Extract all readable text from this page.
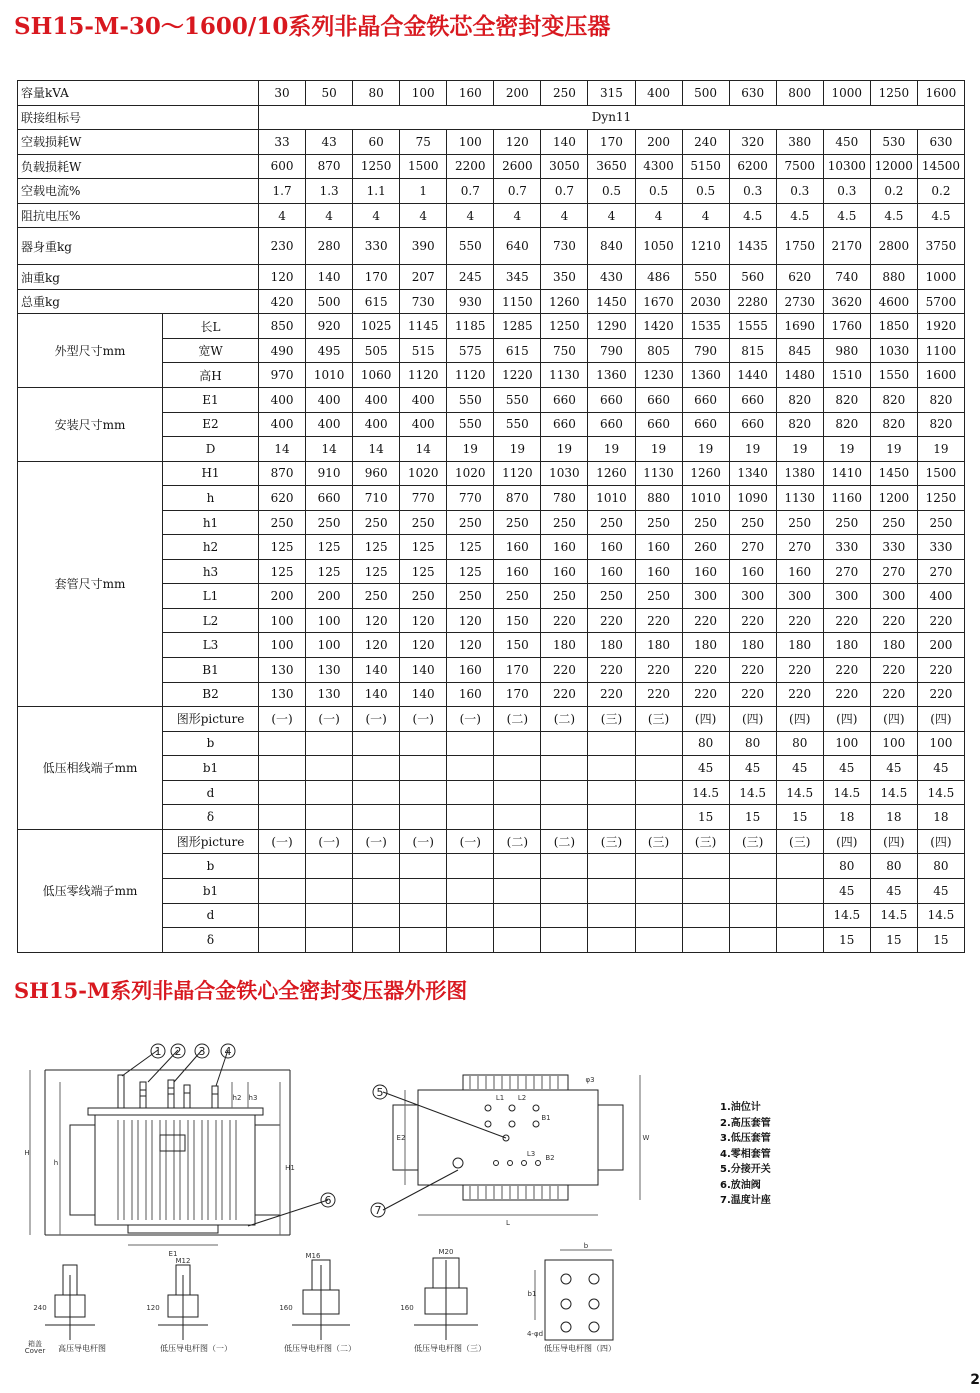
SH15-M-30～1600/10系列非晶合金铁芯全密封变压器
容量kVA		30	50	80	100	160	200	250	315	400	500	630	800	1000	1250	1600
联接组标号		Dyn11														
空载损耗W		33	43	60	75	100	120	140	170	200	240	320	380	450	530	630
负载损耗W		600	870	1250	1500	2200	2600	3050	3650	4300	5150	6200	7500	10300	12000	14500
空载电流%		1.7	1.3	1.1	1	0.7	0.7	0.7	0.5	0.5	0.5	0.3	0.3	0.3	0.2	0.2
阻抗电压%		4	4	4	4	4	4	4	4	4	4	4.5	4.5	4.5	4.5	4.5
器身重kg		230	280	330	390	550	640	730	840	1050	1210	1435	1750	2170	2800	3750
油重kg		120	140	170	207	245	345	350	430	486	550	560	620	740	880	1000
总重kg		420	500	615	730	930	1150	1260	1450	1670	2030	2280	2730	3620	4600	5700
外型尺寸mm	长L	850	920	1025	1145	1185	1285	1250	1290	1420	1535	1555	1690	1760	1850	1920
	宽W	490	495	505	515	575	615	750	790	805	790	815	845	980	1030	1100
	高H	970	1010	1060	1120	1120	1220	1130	1360	1230	1360	1440	1480	1510	1550	1600
安装尺寸mm	E1	400	400	400	400	550	550	660	660	660	660	660	820	820	820	820
	E2	400	400	400	400	550	550	660	660	660	660	660	820	820	820	820
	D	14	14	14	14	19	19	19	19	19	19	19	19	19	19	19
套管尺寸mm	H1	870	910	960	1020	1020	1120	1030	1260	1130	1260	1340	1380	1410	1450	1500
	h	620	660	710	770	770	870	780	1010	880	1010	1090	1130	1160	1200	1250
	h1	250	250	250	250	250	250	250	250	250	250	250	250	250	250	250
	h2	125	125	125	125	125	160	160	160	160	260	270	270	330	330	330
	h3	125	125	125	125	125	160	160	160	160	160	160	160	270	270	270
	L1	200	200	250	250	250	250	250	250	250	300	300	300	300	300	400
	L2	100	100	120	120	120	150	220	220	220	220	220	220	220	220	220
	L3	100	100	120	120	120	150	180	180	180	180	180	180	180	180	200
	B1	130	130	140	140	160	170	220	220	220	220	220	220	220	220	220
	B2	130	130	140	140	160	170	220	220	220	220	220	220	220	220	220
低压相线端子mm	图形picture	(一)	(一)	(一)	(一)	(一)	(二)	(二)	(三)	(三)	(四)	(四)	(四)	(四)	(四)	(四)
	b										80	80	80	100	100	100
	b1										45	45	45	45	45	45
	d										14.5	14.5	14.5	14.5	14.5	14.5
	δ										15	15	15	18	18	18
低压零线端子mm	图形picture	(一)	(一)	(一)	(一)	(一)	(二)	(二)	(三)	(三)	(三)	(三)	(三)	(四)	(四)	(四)
	b													80	80	80
	b1													45	45	45
	d													14.5	14.5	14.5
	δ													15	15	15
SH15-M系列非晶合金铁心全密封变压器外形图
1 2 3 4
5
6
7
E1
H
H1
h2 h3
h
L
E2	W
L1 L2
L3
B1
B2
φ3
M16
M12
M20
b
b1
4-φd
240	120	160	160
箱盖
Cover 高压导电杆图	低压导电杆图（一）	低压导电杆图（二）	低压导电杆图（三）	低压导电杆图（四）
1.油位计
2.高压套管
3.低压套管
4.零相套管
5.分接开关
6.放油阀
7.温度计座
2
